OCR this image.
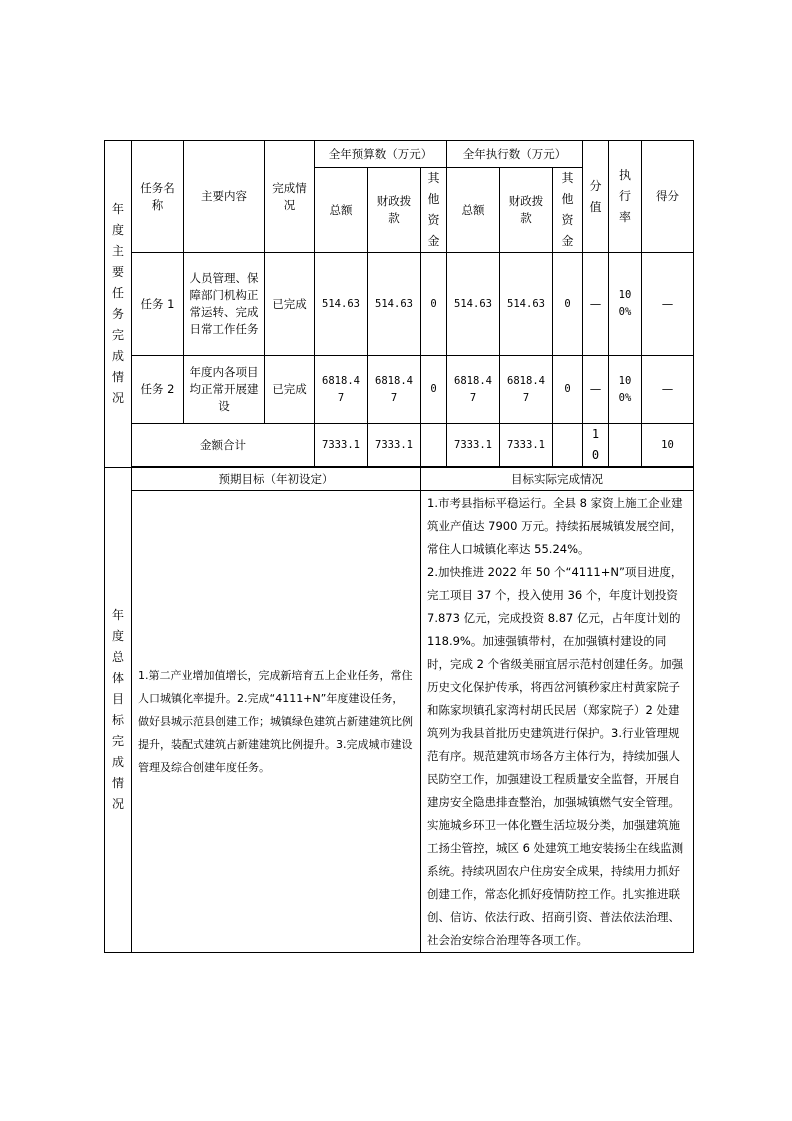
年度主要任务完成情况	任务名称	主要内容	完成情况	全年预算数（万元）			全年执行数（万元）			分值	执行率	得分
				总额	财政拨款	其他资金	总额	财政拨款	其他资金			

	任务 1	人员管理、保障部门机构正常运转、完成日常工作任务	已完成	514.63	514.63	0	514.63	514.63	0	—	100%	—
	任务 2	年度内各项目均正常开展建设	已完成	6818.47	6818.47	0	6818.47	6818.47	0	—	100%	—
	金额合计			7333.1	7333.1		7333.1	7333.1		10		10

年度总体目标完成情况	预期目标（年初设定）					目标实际完成情况						
	1.第二产业增加值增长，完成新培育五上企业任务，常住人口城镇化率提升。2.完成“4111+N”年度建设任务，做好县城示范县创建工作；城镇绿色建筑占新建建筑比例提升，装配式建筑占新建建筑比例提升。3.完成城市建设管理及综合创建年度任务。					1.市考县指标平稳运行。全县 8 家资上施工企业建筑业产值达 7900 万元。持续拓展城镇发展空间，常住人口城镇化率达 55.24%。

2.加快推进 2022 年 50 个“4111+N”项目进度，完工项目 37 个，投入使用 36 个，年度计划投资 7.873 亿元，完成投资 8.87 亿元，占年度计划的 118.9%。加速强镇带村，在加强镇村建设的同时，完成 2 个省级美丽宜居示范村创建任务。加强历史文化保护传承，将西岔河镇秒家庄村黄家院子和陈家坝镇孔家湾村胡氏民居（郑家院子）2 处建筑列为我县首批历史建筑进行保护。3.行业管理规范有序。规范建筑市场各方主体行为，持续加强人民防空工作，加强建设工程质量安全监督，开展自建房安全隐患排查整治，加强城镇燃气安全管理。实施城乡环卫一体化暨生活垃圾分类，加强建筑施工扬尘管控，城区 6 处建筑工地安装扬尘在线监测系统。持续巩固农户住房安全成果，持续用力抓好创建工作，常态化抓好疫情防控工作。扎实推进联创、信访、依法行政、招商引资、普法依法治理、社会治安综合治理等各项工作。						
